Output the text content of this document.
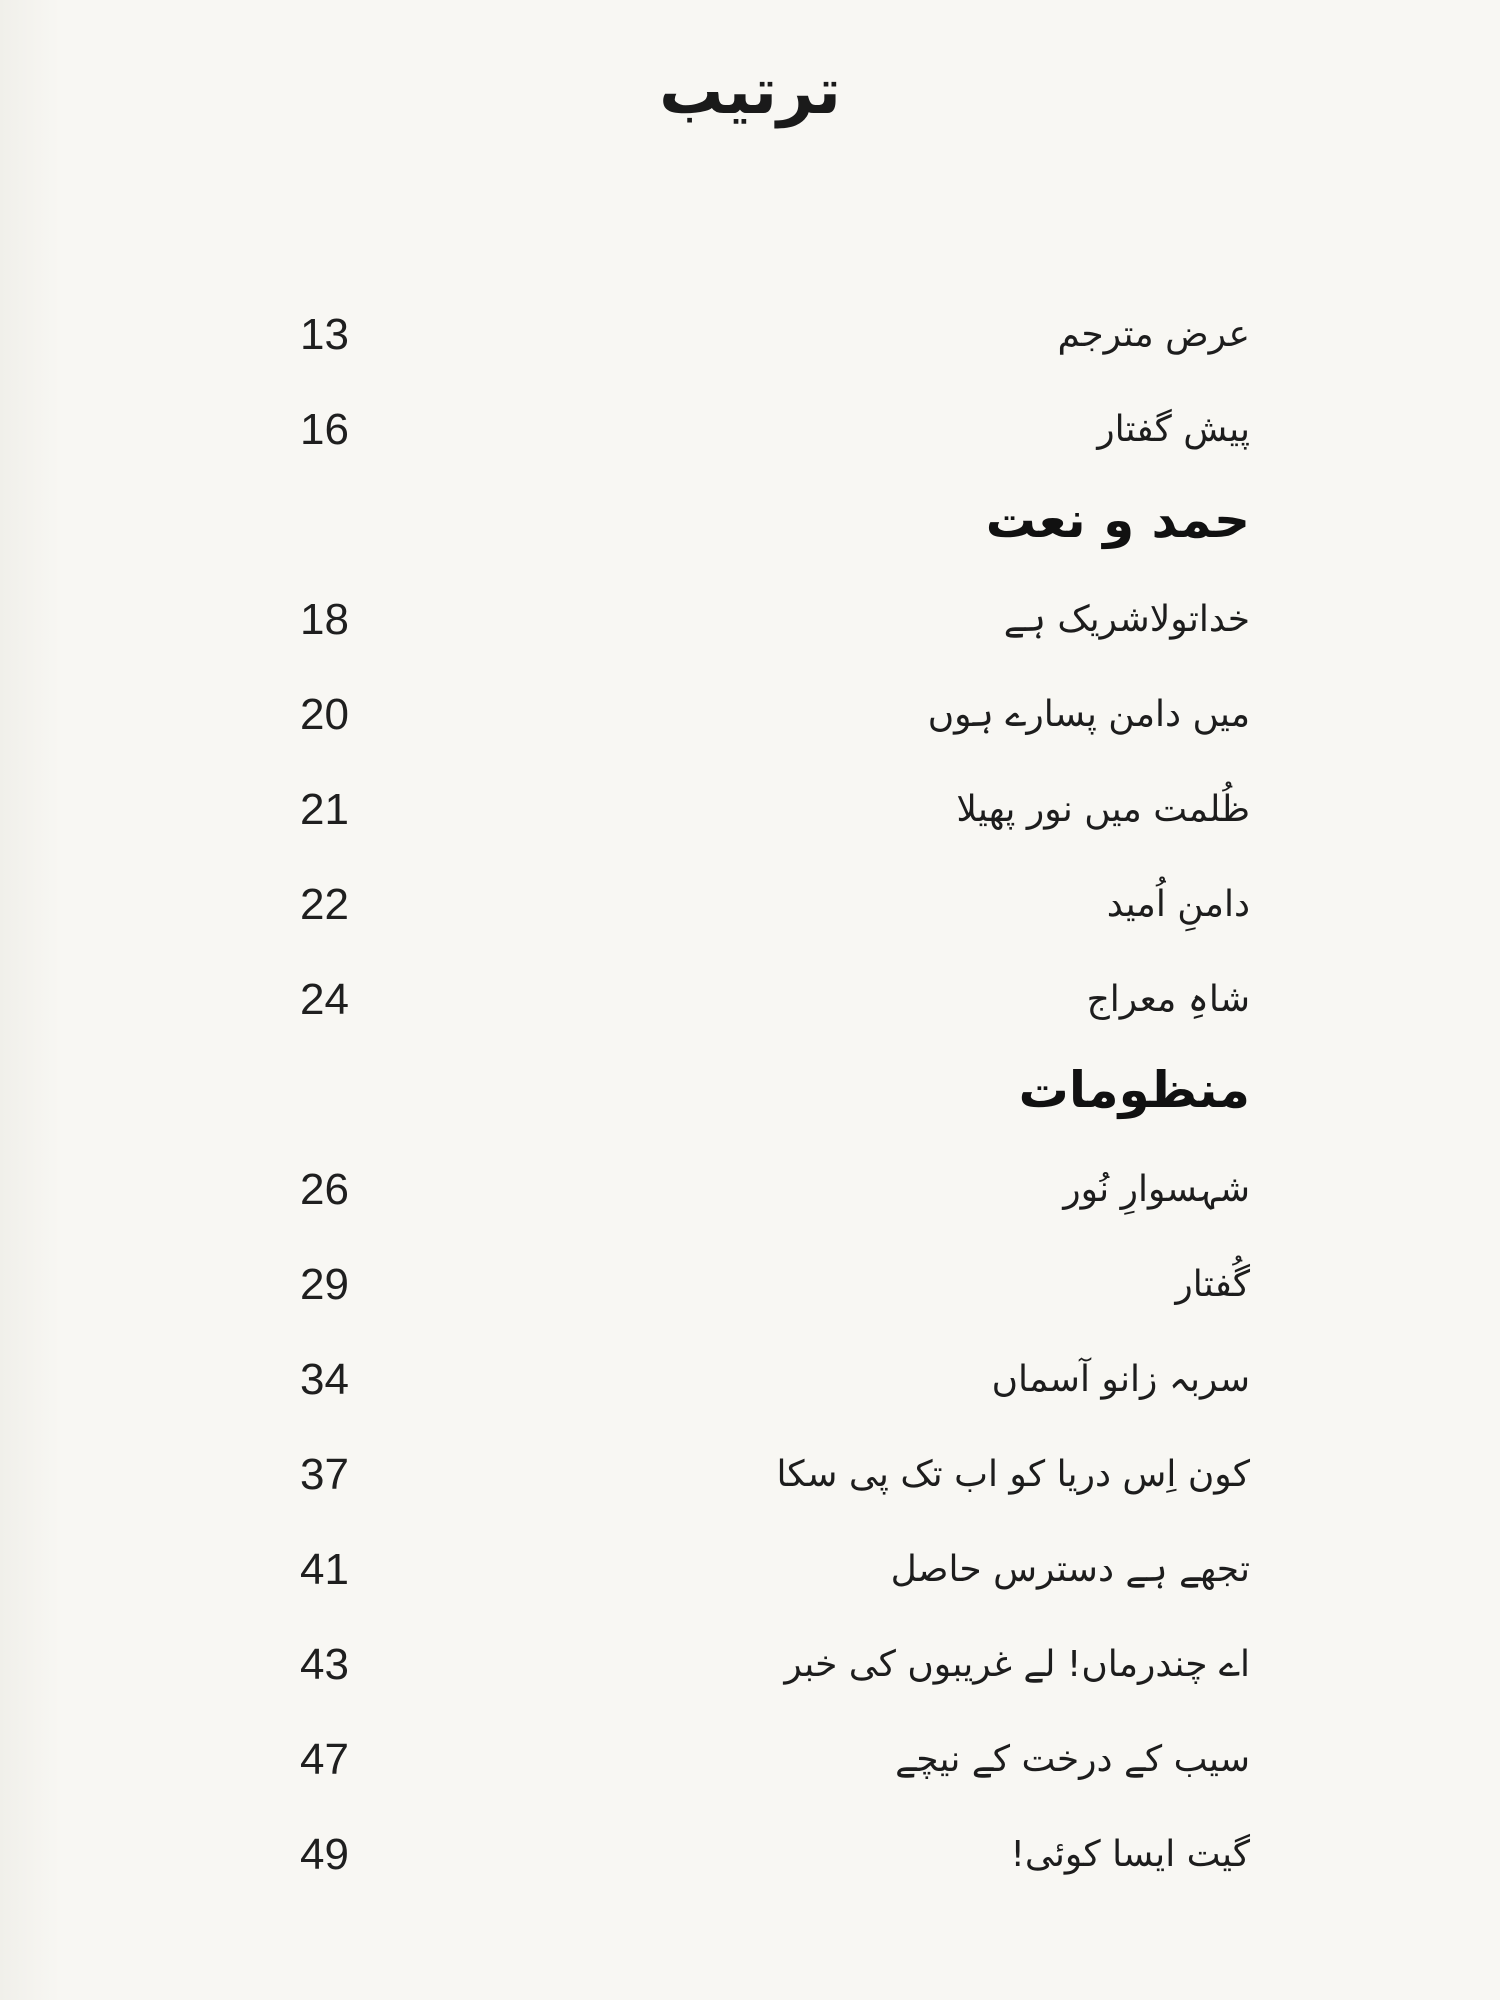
ترتیب
عرض مترجم
13
پیش گفتار
16
حمد و نعت
خداتولاشریک ہے
18
میں دامن پسارے ہوں
20
ظُلمت میں نور پھیلا
21
دامنِ اُمید
22
شاہِ معراج
24
منظومات
شہسوارِ نُور
26
گُفتار
29
سربہ زانو آسماں
34
کون اِس دریا کو اب تک پی سکا
37
تجھے ہے دسترس حاصل
41
اے چندرماں! لے غریبوں کی خبر
43
سیب کے درخت کے نیچے
47
گیت ایسا کوئی!
49
